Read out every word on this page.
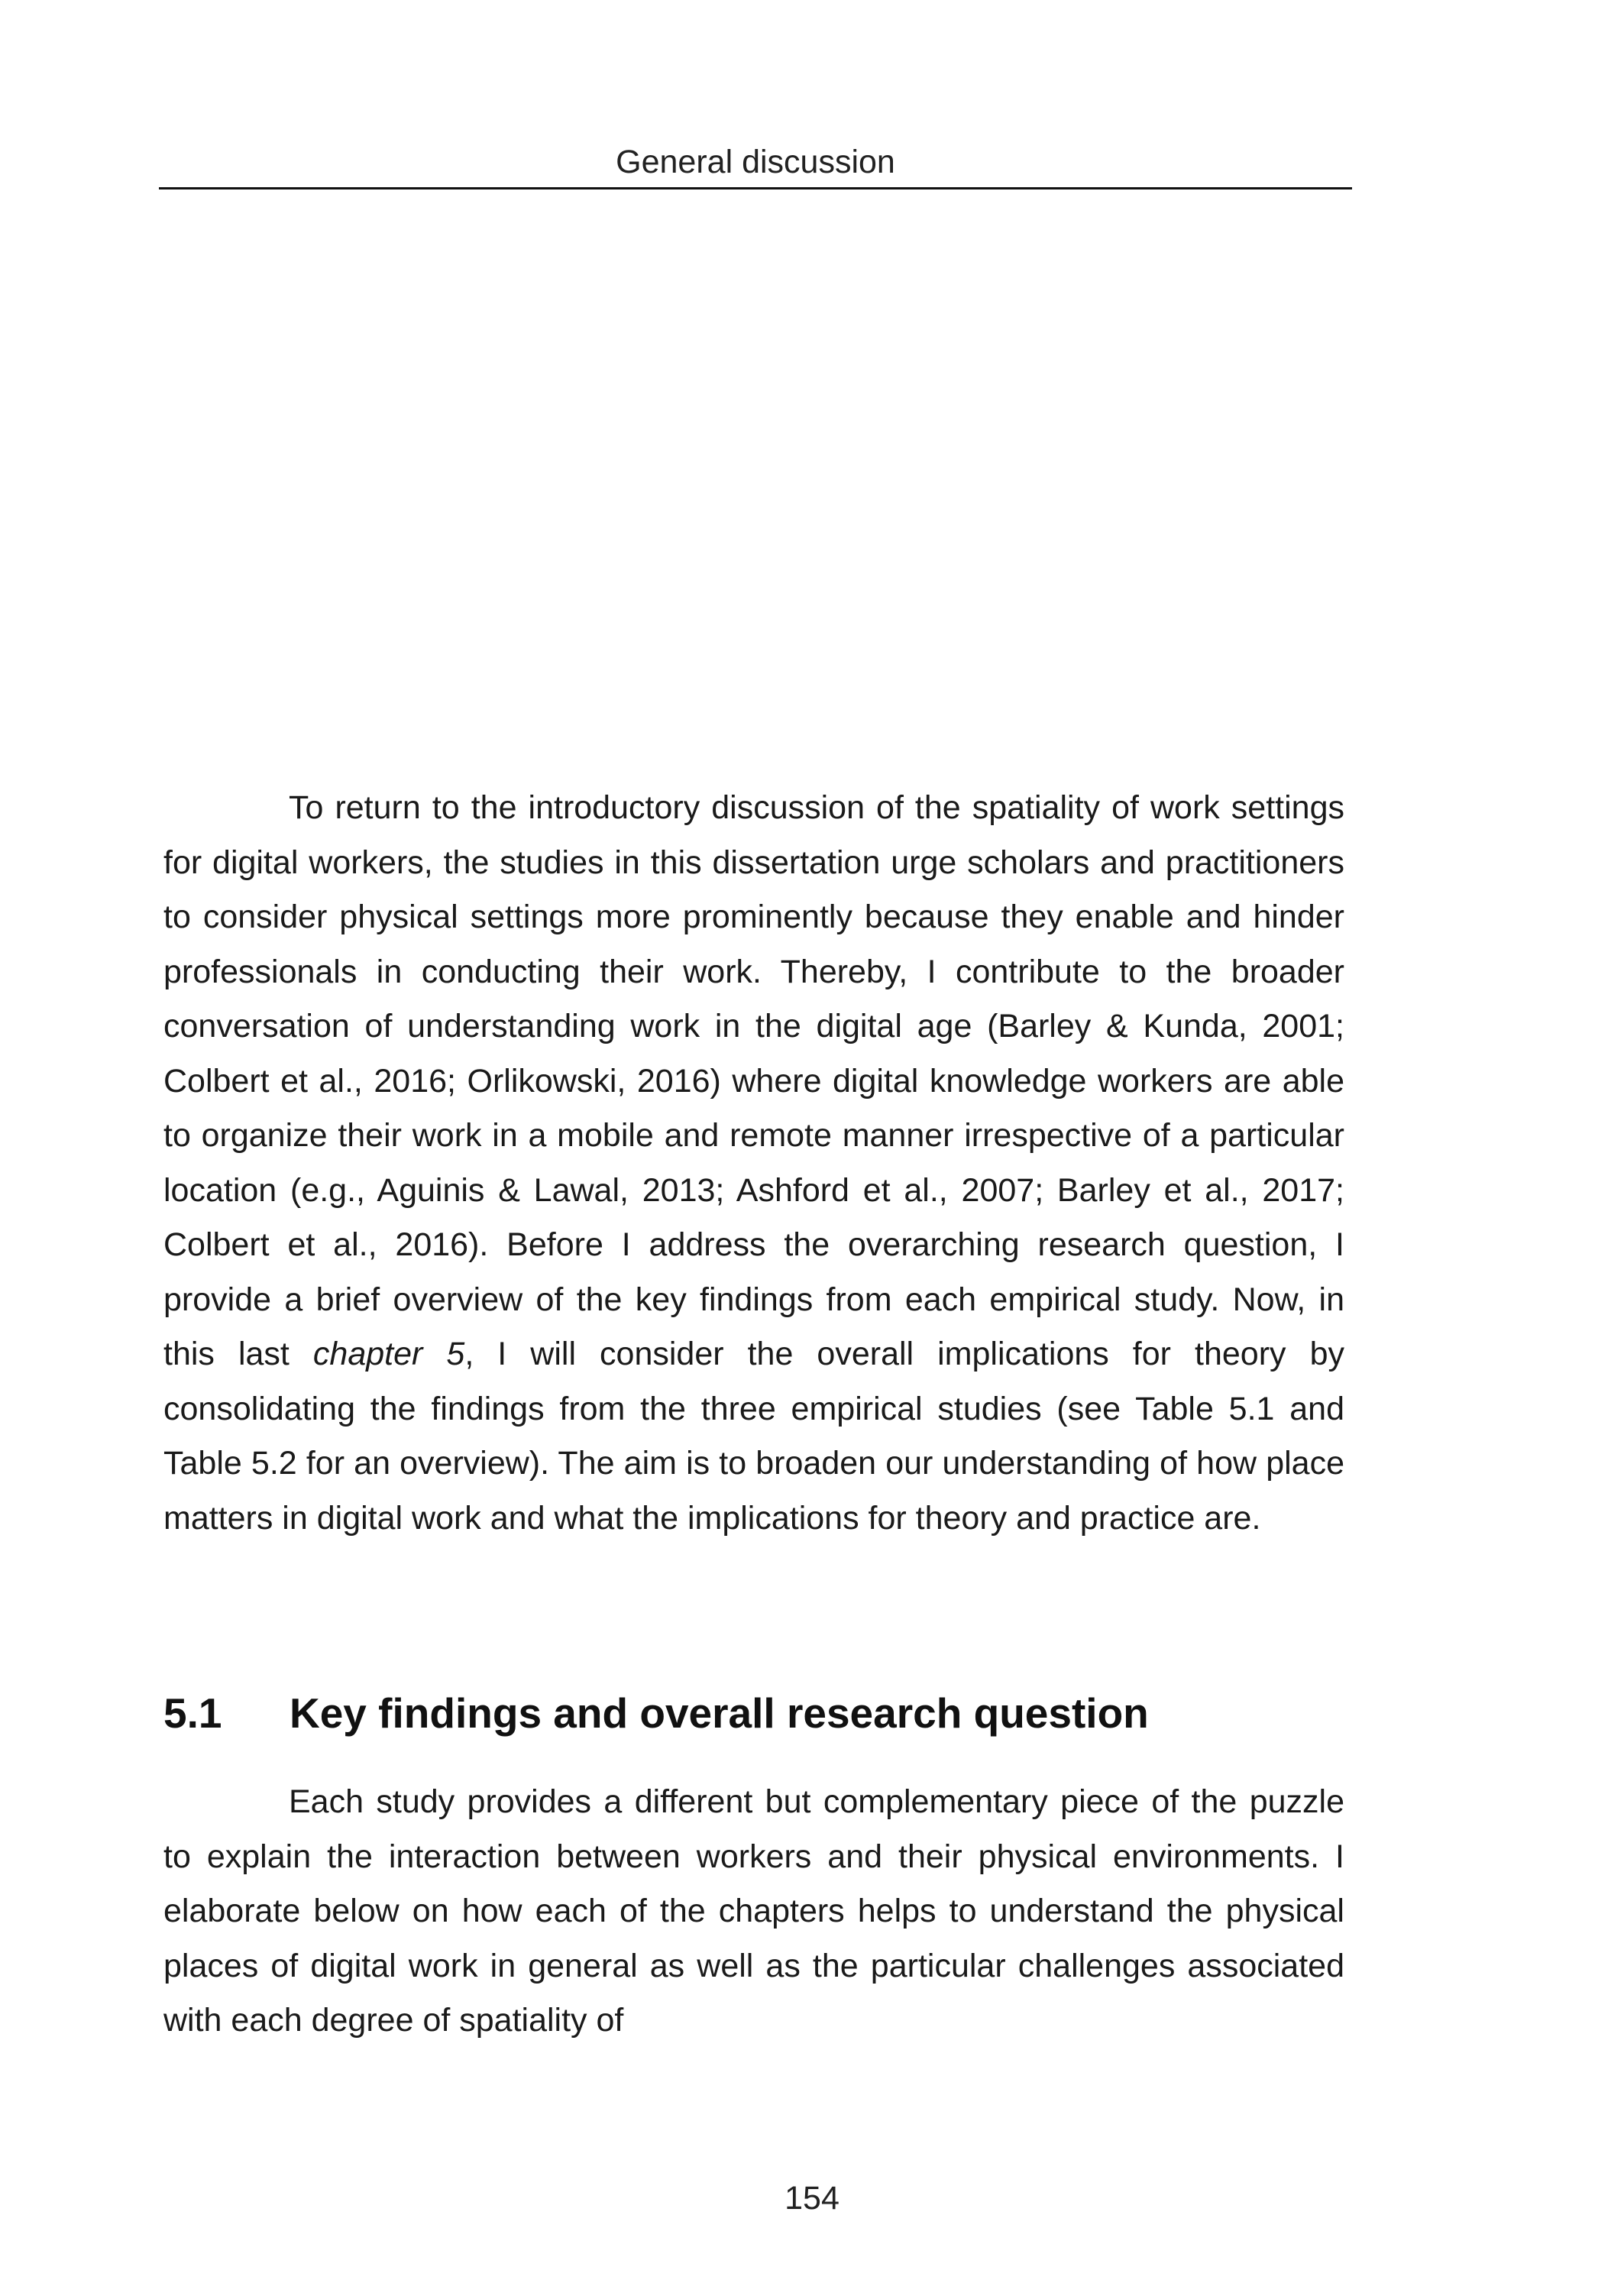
General discussion

To return to the introductory discussion of the spatiality of work settings for digital workers, the studies in this dissertation urge scholars and practitioners to consider physical settings more prominently because they enable and hinder professionals in conducting their work. Thereby, I contribute to the broader conversation of understanding work in the digital age (Barley & Kunda, 2001; Colbert et al., 2016; Orlikowski, 2016) where digital knowledge workers are able to organize their work in a mobile and remote manner irrespective of a particular location (e.g., Aguinis & Lawal, 2013; Ashford et al., 2007; Barley et al., 2017; Colbert et al., 2016). Before I address the overarching research question, I provide a brief overview of the key findings from each empirical study. Now, in this last chapter 5, I will consider the overall implications for theory by consolidating the findings from the three empirical studies (see Table 5.1 and Table 5.2 for an overview). The aim is to broaden our understanding of how place matters in digital work and what the implications for theory and practice are.

5.1 Key findings and overall research question

Each study provides a different but complementary piece of the puzzle to explain the interaction between workers and their physical environments. I elaborate below on how each of the chapters helps to understand the physical places of digital work in general as well as the particular challenges associated with each degree of spatiality of

154
